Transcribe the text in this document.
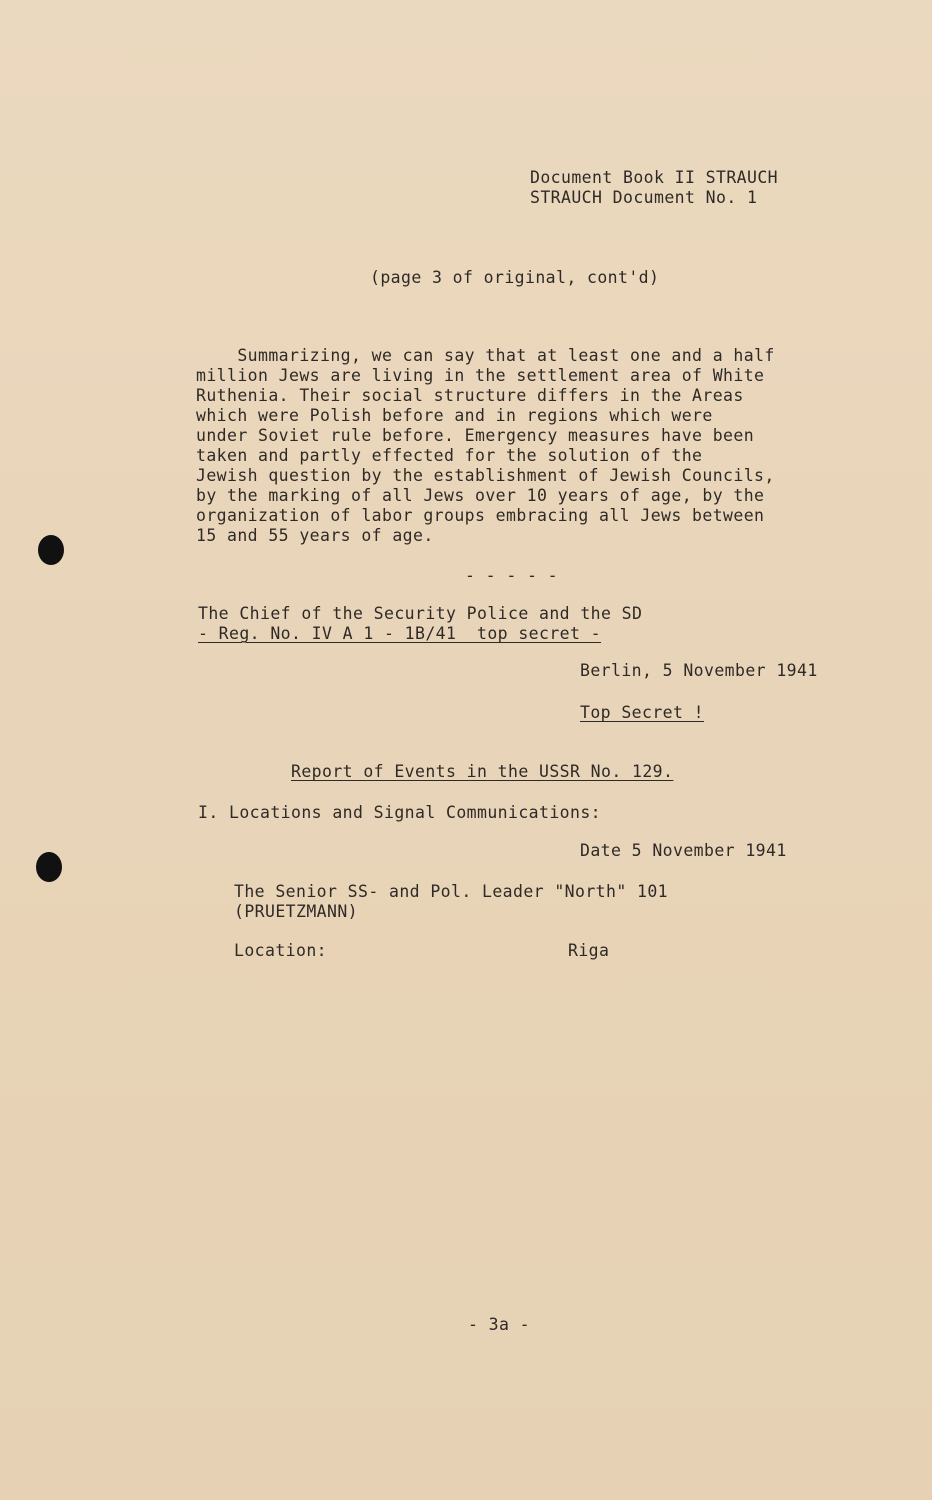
Document Book II STRAUCH
STRAUCH Document No. 1
(page 3 of original, cont'd)
Summarizing, we can say that at least one and a half
million Jews are living in the settlement area of White
Ruthenia. Their social structure differs in the Areas
which were Polish before and in regions which were
under Soviet rule before. Emergency measures have been
taken and partly effected for the solution of the
Jewish question by the establishment of Jewish Councils,
by the marking of all Jews over 10 years of age, by the
organization of labor groups embracing all Jews between
15 and 55 years of age.
- - - - -
The Chief of the Security Police and the SD
- Reg. No. IV A 1 - 1B/41  top secret -
Berlin, 5 November 1941
Top Secret !
Report of Events in the USSR No. 129.
I. Locations and Signal Communications:
Date 5 November 1941
The Senior SS- and Pol. Leader "North" 101
(PRUETZMANN)
Location:	Riga
- 3a -
